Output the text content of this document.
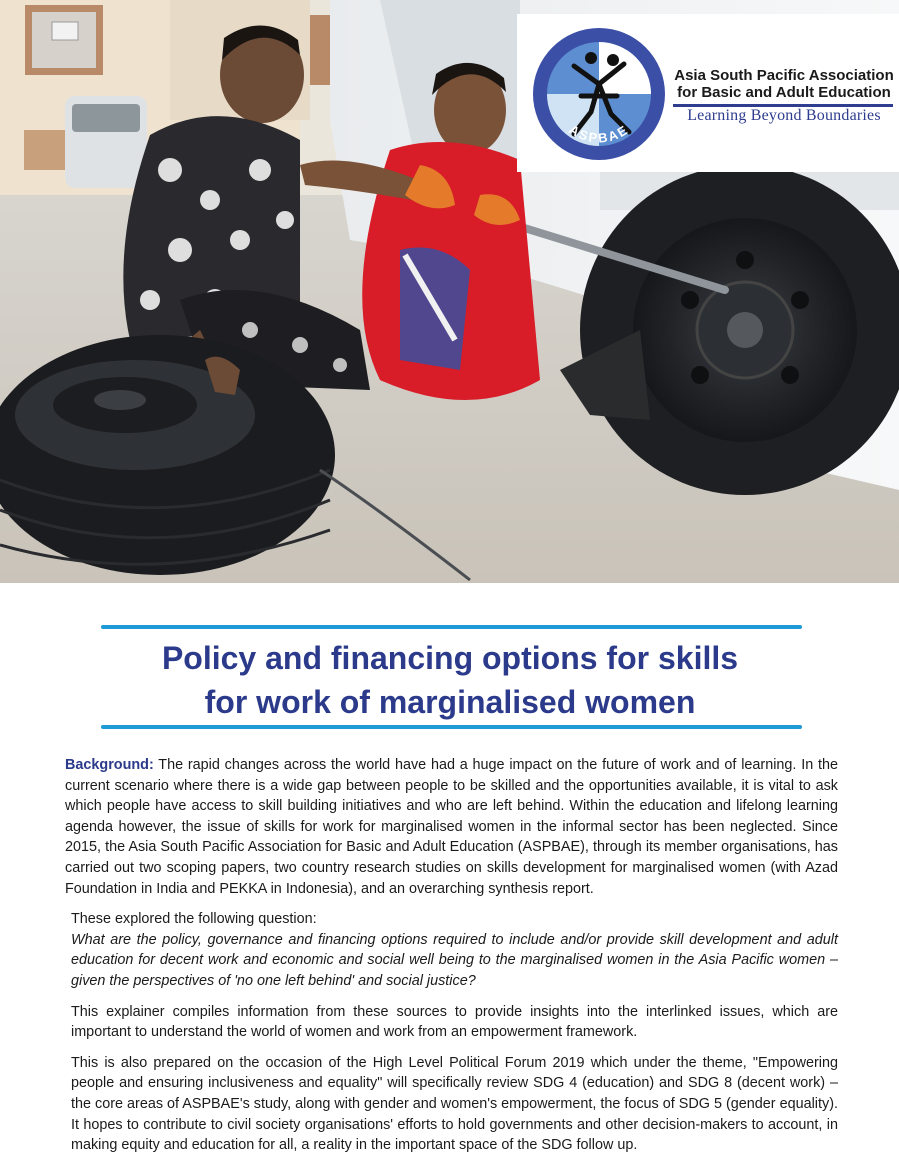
ASPBAE
Asia South Pacific Association
for Basic and Adult Education
Learning Beyond Boundaries
Policy and financing options for skills
for work of marginalised women

Background: The rapid changes across the world have had a huge impact on the future of work and of learning. In the current scenario where there is a wide gap between people to be skilled and the opportunities available, it is vital to ask which people have access to skill building initiatives and who are left behind. Within the education and lifelong learning agenda however, the issue of skills for work for marginalised women in the informal sector has been neglected. Since 2015, the Asia South Pacific Association for Basic and Adult Education (ASPBAE), through its member organisations, has carried out two scoping papers, two country research studies on skills development for marginalised women (with Azad Foundation in India and PEKKA in Indonesia), and an overarching synthesis report.

These explored the following question:
What are the policy, governance and financing options required to include and/or provide skill development and adult education for decent work and economic and social well being to the marginalised women in the Asia Pacific women – given the perspectives of 'no one left behind' and social justice?

This explainer compiles information from these sources to provide insights into the interlinked issues, which are important to understand the world of women and work from an empowerment framework.

This is also prepared on the occasion of the High Level Political Forum 2019 which under the theme, "Empowering people and ensuring inclusiveness and equality" will specifically review SDG 4 (education) and SDG 8 (decent work) – the core areas of ASPBAE's study, along with gender and women's empowerment, the focus of SDG 5 (gender equality). It hopes to contribute to civil society organisations' efforts to hold governments and other decision-makers to account, in making equity and education for all, a reality in the important space of the SDG follow up.
